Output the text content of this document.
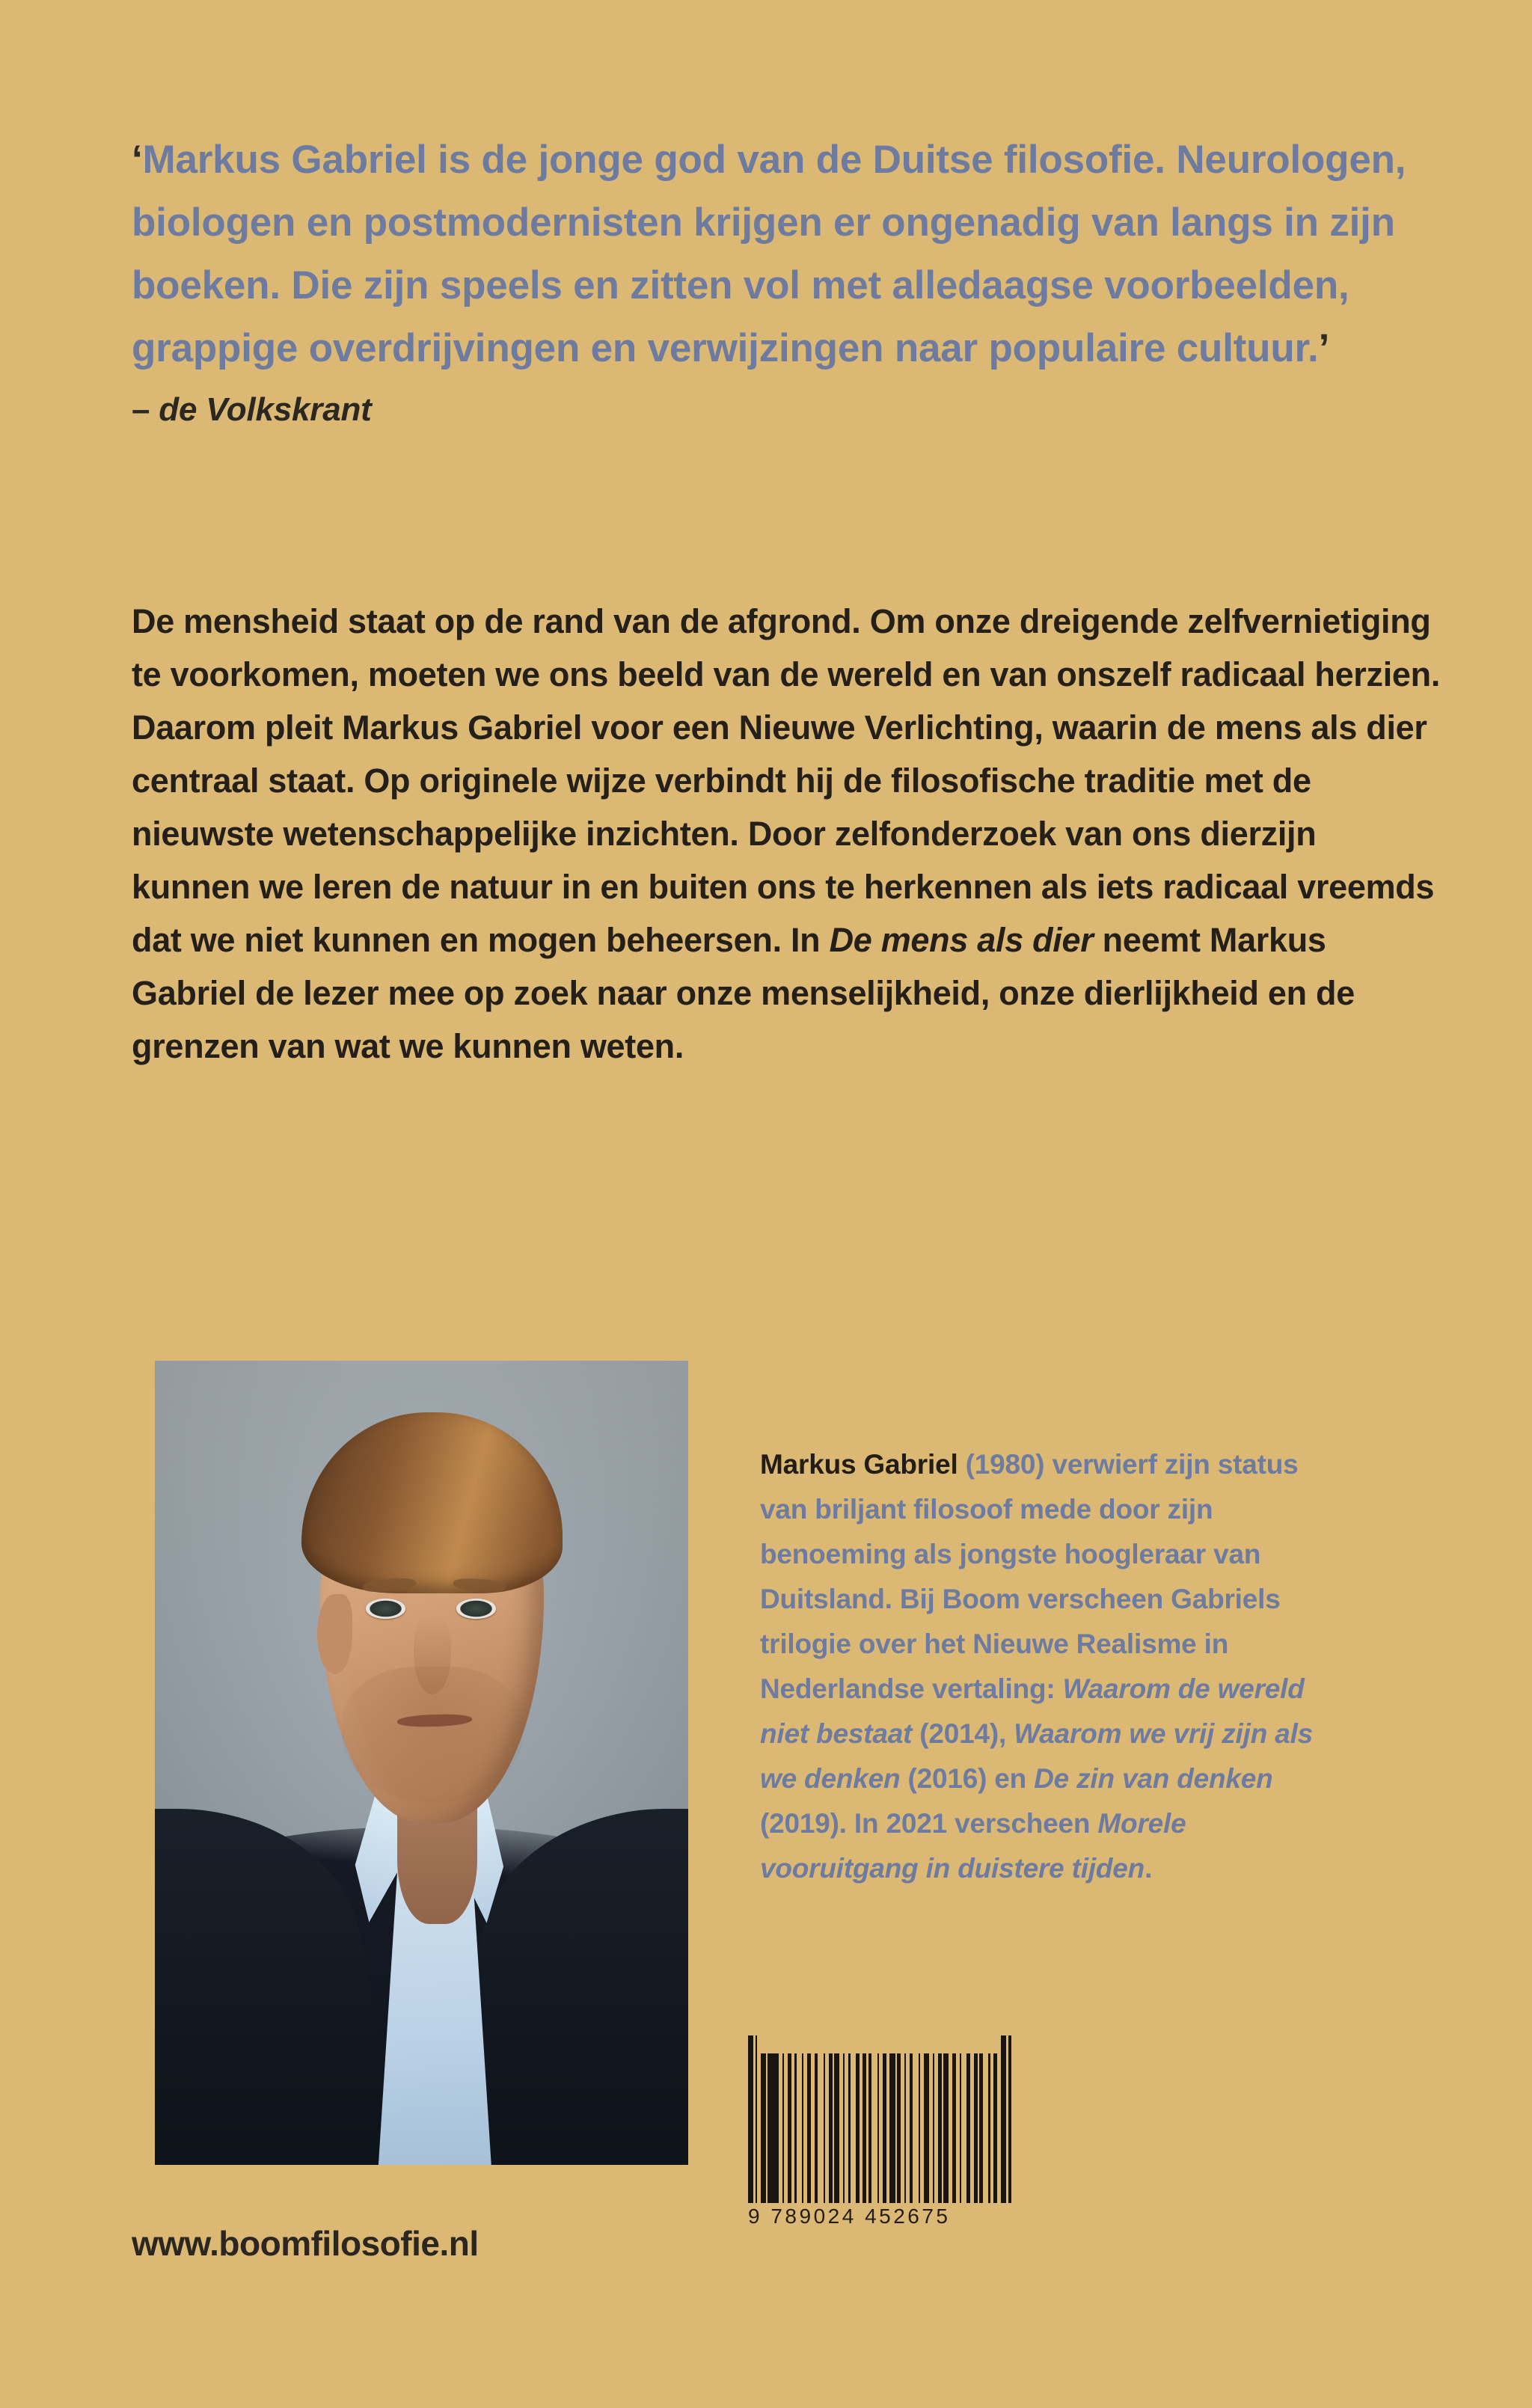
‘Markus Gabriel is de jonge god van de Duitse filosofie. Neurologen, biologen en postmodernisten krijgen er ongenadig van langs in zijn boeken. Die zijn speels en zitten vol met alledaagse voorbeelden, grappige overdrijvingen en verwijzingen naar populaire cultuur.’

– de Volkskrant

De mensheid staat op de rand van de afgrond. Om onze dreigende zelfvernietiging te voorkomen, moeten we ons beeld van de wereld en van onszelf radicaal herzien. Daarom pleit Markus Gabriel voor een Nieuwe Verlichting, waarin de mens als dier centraal staat. Op originele wijze verbindt hij de filosofische traditie met de nieuwste wetenschappelijke inzichten. Door zelfonderzoek van ons dierzijn kunnen we leren de natuur in en buiten ons te herkennen als iets radicaal vreemds dat we niet kunnen en mogen beheersen. In De mens als dier neemt Markus Gabriel de lezer mee op zoek naar onze menselijkheid, onze dierlijkheid en de grenzen van wat we kunnen weten.

Markus Gabriel (1980) verwierf zijn status van briljant filosoof mede door zijn benoeming als jongste hoogleraar van Duitsland. Bij Boom verscheen Gabriels trilogie over het Nieuwe Realisme in Nederlandse vertaling: Waarom de wereld niet bestaat (2014), Waarom we vrij zijn als we denken (2016) en De zin van denken (2019). In 2021 verscheen Morele vooruitgang in duistere tijden.

9 789024 452675
www.boomfilosofie.nl
